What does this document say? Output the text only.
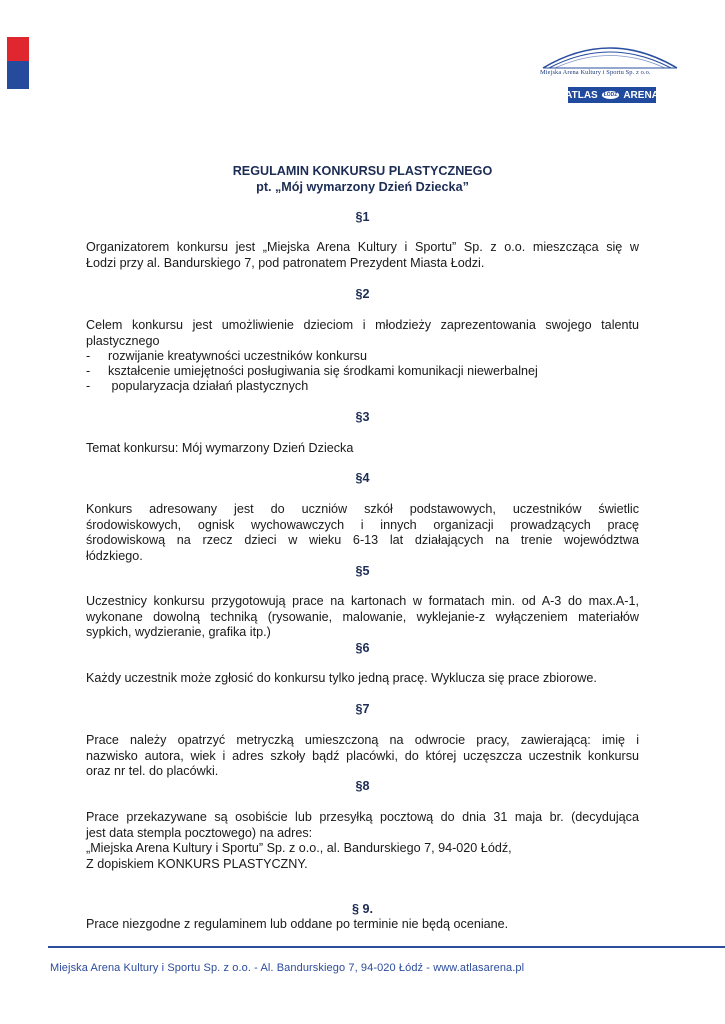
Miejska Arena Kultury i Sportu Sp. z o.o.
ATLAS	ŁÓDŹ ARENA
REGULAMIN KONKURSU PLASTYCZNEGO
pt. „Mój wymarzony Dzień Dziecka”
§1
Organizatorem konkursu jest „Miejska Arena Kultury i Sportu” Sp. z o.o. mieszcząca się w
Łodzi przy al. Bandurskiego 7, pod patronatem Prezydent Miasta Łodzi.
§2
Celem konkursu jest umożliwienie dzieciom i młodzieży zaprezentowania swojego talentu
plastycznego
- rozwijanie kreatywności uczestników konkursu
- kształcenie umiejętności posługiwania się środkami komunikacji niewerbalnej
- popularyzacja działań plastycznych
§3
Temat konkursu: Mój wymarzony Dzień Dziecka
§4
Konkurs adresowany jest do uczniów szkół podstawowych, uczestników świetlic
środowiskowych, ognisk wychowawczych i innych organizacji prowadzących pracę
środowiskową na rzecz dzieci w wieku 6-13 lat działających na trenie województwa
łódzkiego.
§5
Uczestnicy konkursu przygotowują prace na kartonach w formatach min. od A-3 do max.A-1,
wykonane dowolną techniką (rysowanie, malowanie, wyklejanie-z wyłączeniem materiałów
sypkich, wydzieranie, grafika itp.)
§6
Każdy uczestnik może zgłosić do konkursu tylko jedną pracę. Wyklucza się prace zbiorowe.
§7
Prace należy opatrzyć metryczką umieszczoną na odwrocie pracy, zawierającą: imię i
nazwisko autora, wiek i adres szkoły bądź placówki, do której uczęszcza uczestnik konkursu
oraz nr tel. do placówki.
§8
Prace przekazywane są osobiście lub przesyłką pocztową do dnia 31 maja br. (decydująca
jest data stempla pocztowego) na adres:
„Miejska Arena Kultury i Sportu” Sp. z o.o., al. Bandurskiego 7, 94-020 Łódź,
Z dopiskiem KONKURS PLASTYCZNY.
§ 9.
Prace niezgodne z regulaminem lub oddane po terminie nie będą oceniane.
Miejska Arena Kultury i Sportu Sp. z o.o. - Al. Bandurskiego 7, 94-020 Łódź - www.atlasarena.pl
